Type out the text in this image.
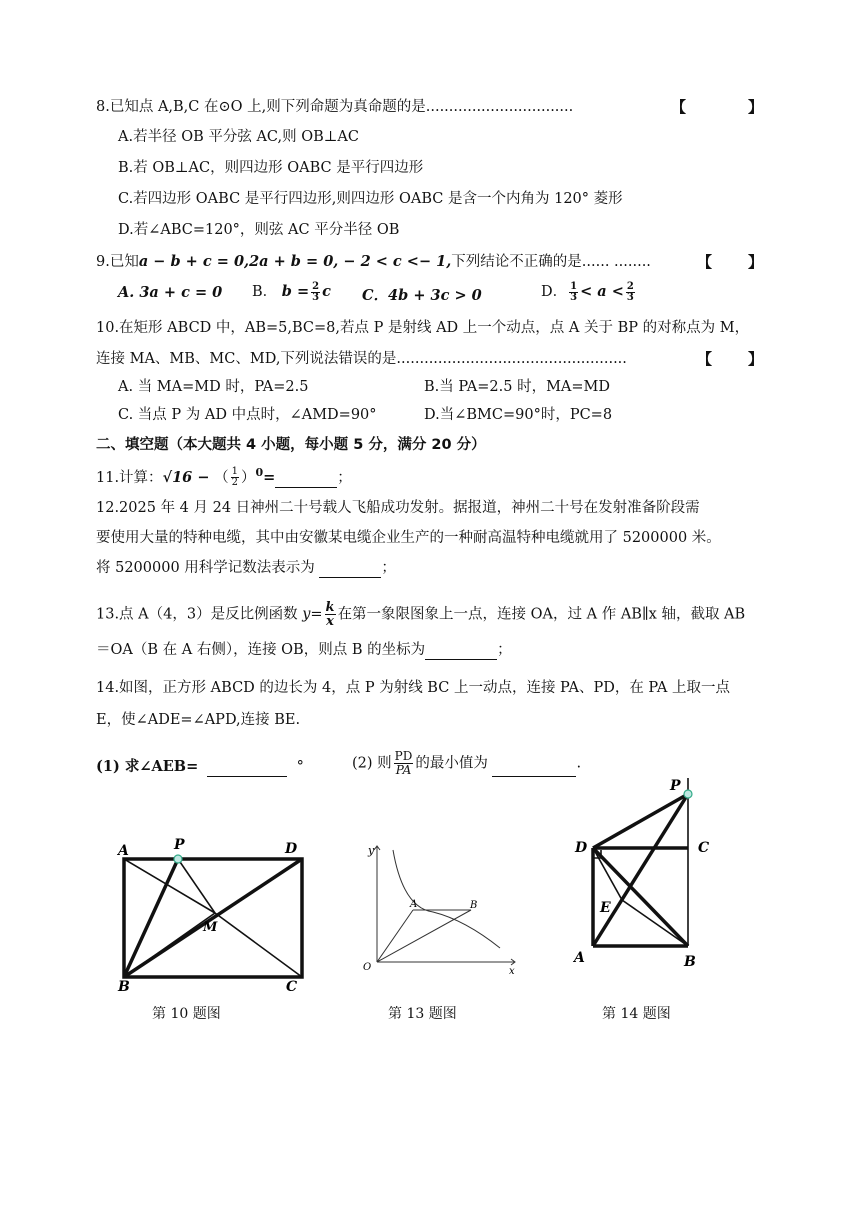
8.已知点 A,B,C 在⊙O 上,则下列命题为真命题的是................................	【	】
A.若半径 OB 平分弦 AC,则 OB⊥AC
B.若 OB⊥AC，则四边形 OABC 是平行四边形
C.若四边形 OABC 是平行四边形,则四边形 OABC 是含一个内角为 120° 菱形
D.若∠ABC=120°，则弦 AC 平分半径 OB
9.已知a − b + c = 0,2a + b = 0, − 2 < c <− 1,下列结论不正确的是...... ........	【 】
A. 3a + c = 0 B． $b = \frac{2}{3}$ c C．4b + 3c > 0	D． $\frac{1}{3} < a < \frac{2}{3}$
10.在矩形 ABCD 中，AB=5,BC=8,若点 P 是射线 AD 上一个动点，点 A 关于 BP 的对称点为 M，
连接 MA、MB、MC、MD,下列说法错误的是..................................................	【 】
A. 当 MA=MD 时，PA=2.5	B.当 PA=2.5 时，MA=MD
C. 当点 P 为 AD 中点时，∠AMD=90°	D.当∠BMC=90°时，PC=8
二、填空题（本大题共 4 小题，每小题 5 分，满分 20 分）
11.计算：√16 − （ $\frac{1}{2} )^0=$	；
12.2025 年 4 月 24 日神州二十号载人飞船成功发射。据报道，神州二十号在发射准备阶段需
要使用大量的特种电缆，其中由安徽某电缆企业生产的一种耐高温特种电缆就用了 5200000 米。
将 5200000 用科学记数法表示为	；
13.点 A（4，3）是反比例函数 $y= \frac{k}{x}$ 在第一象限图象上一点，连接 OA，过 A 作 AB∥x 轴，截取 AB
＝OA（B 在 A 右侧），连接 OB，则点 B 的坐标为	；
14.如图，正方形 ABCD 的边长为 4，点 P 为射线 BC 上一动点，连接 PA、PD，在 PA 上取一点
E，使∠ADE=∠APD,连接 BE.
(1) 求∠AEB=	°	(2) 则 $\frac{PD}{PA}$ 的最小值为	.
A	P	D
M
B	C
第 10 题图
y
A	B
O	x
第 13 题图
P
D	C
E
A	B
第 14 题图
